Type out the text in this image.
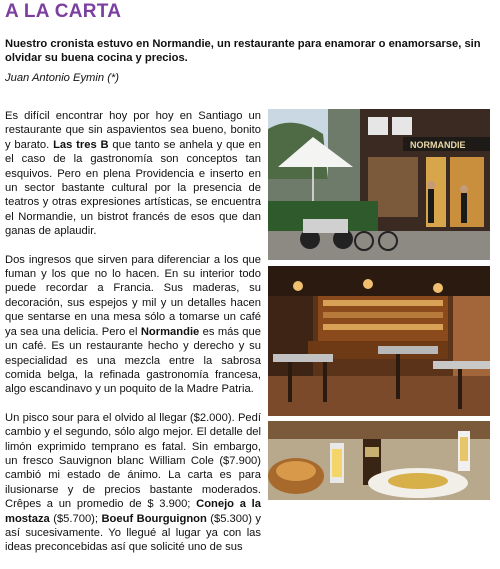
A LA CARTA

Nuestro cronista estuvo en Normandie, un restaurante para enamorar o enamorsarse, sin olvidar su buena cocina y precios.

Juan Antonio Eymin (*)

Es difícil encontrar hoy por hoy en Santiago un restaurante que sin aspavientos sea bueno, bonito y barato. Las tres B que tanto se anhela y que en el caso de la gastronomía son conceptos tan esquivos. Pero en plena Providencia e inserto en un sector bastante cultural por la presencia de teatros y otras expresiones artísticas, se encuentra el Normandie, un bistrot francés de esos que dan ganas de aplaudir.

Dos ingresos que sirven para diferenciar a los que fuman y los que no lo hacen. En su interior todo puede recordar a Francia. Sus maderas, su decoración, sus espejos y mil y un detalles hacen que sentarse en una mesa sólo a tomarse un café ya sea una delicia. Pero el Normandie es más que un café. Es un restaurante hecho y derecho y su especialidad es una mezcla entre la sabrosa comida belga, la refinada gastronomía francesa, algo escandinavo y un poquito de la Madre Patria.

Un pisco sour para el olvido al llegar ($2.000). Pedí cambio y el segundo, sólo algo mejor. El detalle del limón exprimido temprano es fatal. Sin embargo, un fresco Sauvignon blanc William Cole ($7.900) cambió mi estado de ánimo. La carta es para ilusionarse y de precios bastante moderados. Crêpes a un promedio de $ 3.900; Conejo a la mostaza ($5.700); Boeuf Bourguignon ($5.300) y así sucesivamente. Yo llegué al lugar ya con las ideas preconcebidas así que solicité uno de sus

NORMANDIE
